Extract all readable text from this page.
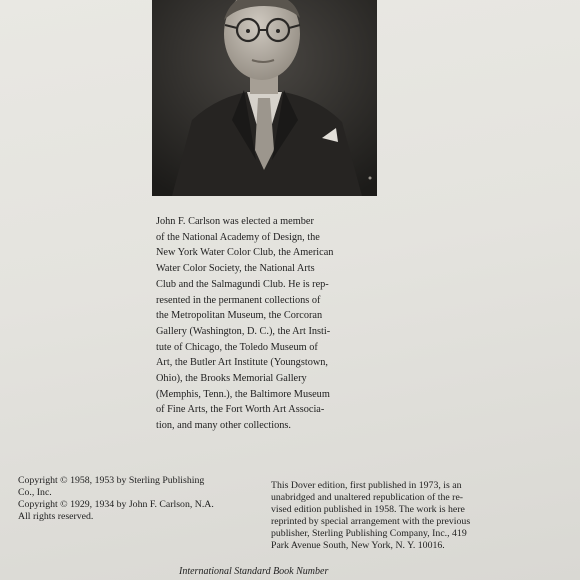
John F. Carlson was elected a member
of the National Academy of Design, the
New York Water Color Club, the American
Water Color Society, the National Arts
Club and the Salmagundi Club. He is rep-
resented in the permanent collections of
the Metropolitan Museum, the Corcoran
Gallery (Washington, D. C.), the Art Insti-
tute of Chicago, the Toledo Museum of
Art, the Butler Art Institute (Youngstown,
Ohio), the Brooks Memorial Gallery
(Memphis, Tenn.), the Baltimore Museum
of Fine Arts, the Fort Worth Art Associa-
tion, and many other collections.
Copyright © 1958, 1953 by Sterling Publishing
Co., Inc.
Copyright © 1929, 1934 by John F. Carlson, N.A.
All rights reserved.
This Dover edition, first published in 1973, is an
unabridged and unaltered republication of the re-
vised edition published in 1958. The work is here
reprinted by special arrangement with the previous
publisher, Sterling Publishing Company, Inc., 419
Park Avenue South, New York, N. Y. 10016.
International Standard Book Number
